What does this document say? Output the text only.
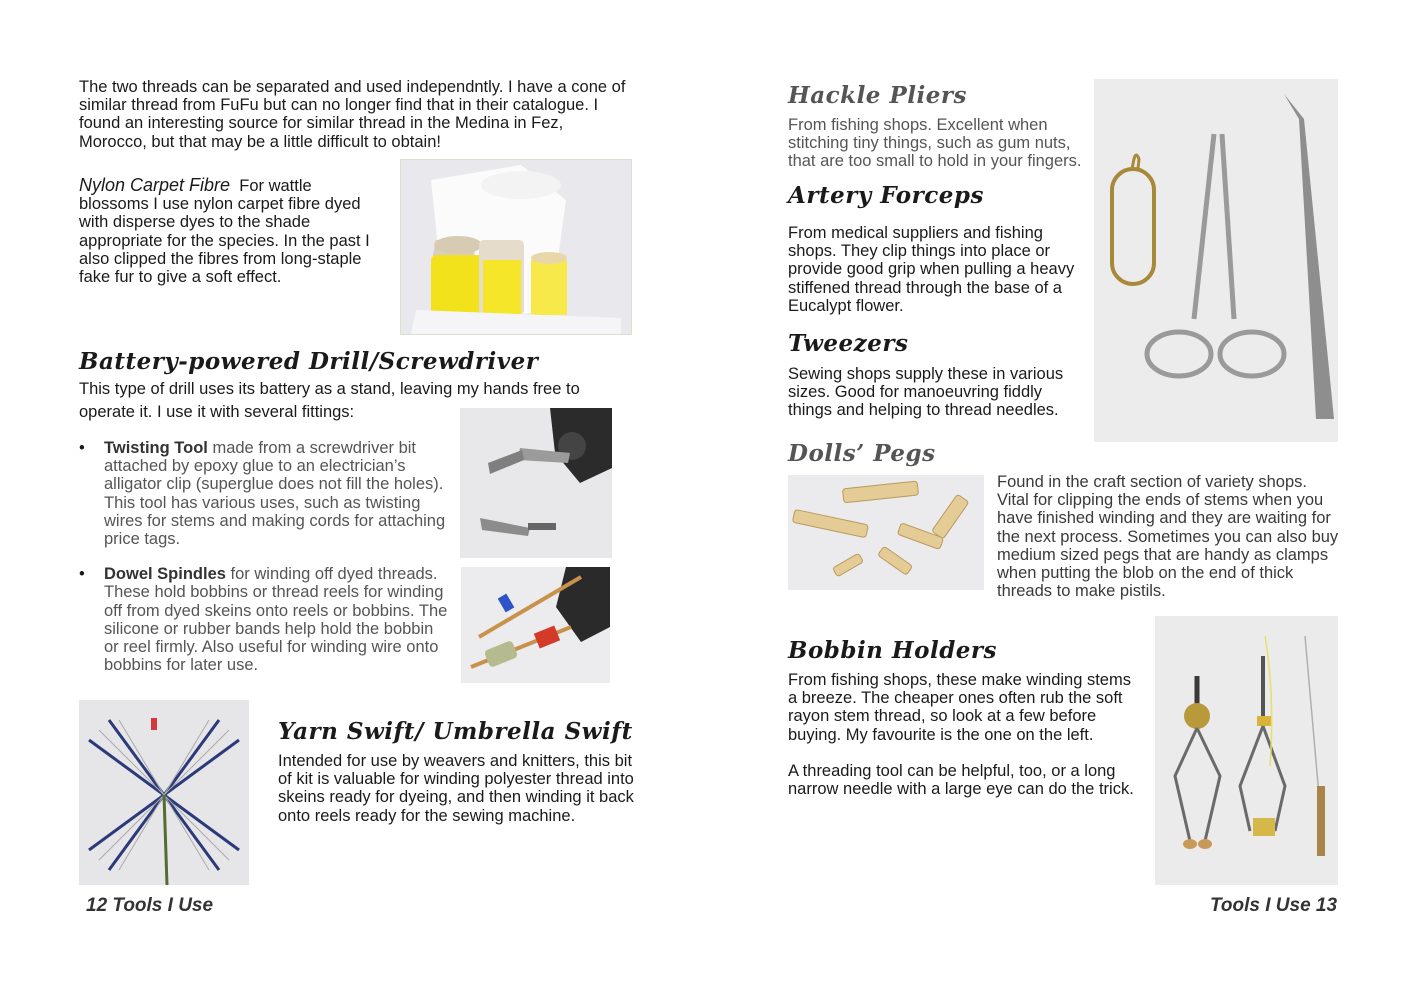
The two threads can be separated and used independntly. I have a cone of similar thread from FuFu but can no longer find that in their catalogue. I found an interesting source for similar thread in the Medina in Fez, Morocco, but that may be a little difficult to obtain!

Nylon Carpet Fibre For wattle blossoms I use nylon carpet fibre dyed with disperse dyes to the shade appropriate for the species. In the past I also clipped the fibres from long-staple fake fur to give a soft effect.

Battery-powered Drill/Screwdriver

This type of drill uses its battery as a stand, leaving my hands free to operate it. I use it with several fittings:

• Twisting Tool made from a screwdriver bit attached by epoxy glue to an electrician’s alligator clip (superglue does not fill the holes). This tool has various uses, such as twisting wires for stems and making cords for attaching price tags.
• Dowel Spindles for winding off dyed threads. These hold bobbins or thread reels for winding off from dyed skeins onto reels or bobbins. The silicone or rubber bands help hold the bobbin or reel firmly. Also useful for winding wire onto bobbins for later use.
Yarn Swift/ Umbrella Swift

Intended for use by weavers and knitters, this bit of kit is valuable for winding polyester thread into skeins ready for dyeing, and then winding it back onto reels ready for the sewing machine.

12 Tools I Use
Hackle Pliers

From fishing shops. Excellent when stitching tiny things, such as gum nuts, that are too small to hold in your fingers.

Artery Forceps

From medical suppliers and fishing shops. They clip things into place or provide good grip when pulling a heavy stiffened thread through the base of a Eucalypt flower.

Tweezers

Sewing shops supply these in various sizes. Good for manoeuvring fiddly things and helping to thread needles.

Dolls’ Pegs

Found in the craft section of variety shops. Vital for clipping the ends of stems when you have finished winding and they are waiting for the next process. Sometimes you can also buy medium sized pegs that are handy as clamps when putting the blob on the end of thick threads to make pistils.

Bobbin Holders

From fishing shops, these make winding stems a breeze. The cheaper ones often rub the soft rayon stem thread, so look at a few before buying. My favourite is the one on the left.

A threading tool can be helpful, too, or a long narrow needle with a large eye can do the trick.

Tools I Use 13
